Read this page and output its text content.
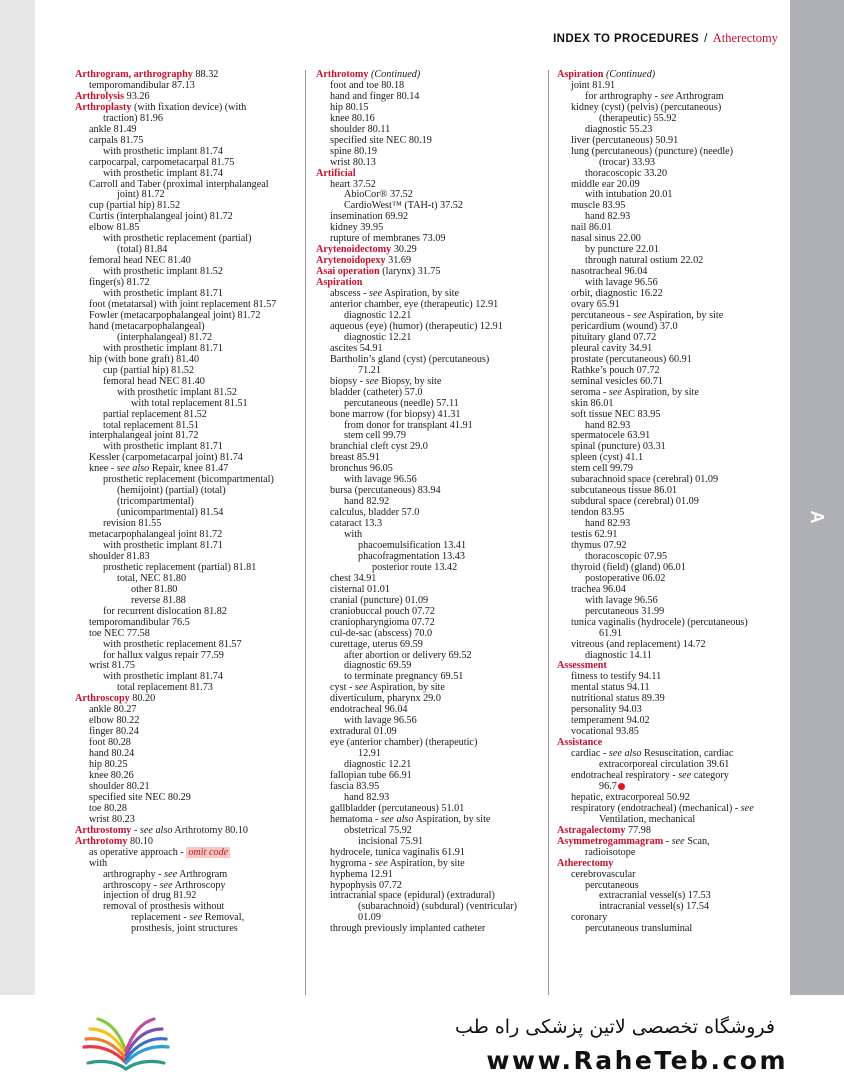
A
INDEX TO PROCEDURES / Atherectomy
Arthrogram, arthrography 88.32
temporomandibular 87.13
Arthrolysis 93.26
Arthroplasty (with fixation device) (with
traction) 81.96
ankle 81.49
carpals 81.75
with prosthetic implant 81.74
carpocarpal, carpometacarpal 81.75
with prosthetic implant 81.74
Carroll and Taber (proximal interphalangeal
joint) 81.72
cup (partial hip) 81.52
Curtis (interphalangeal joint) 81.72
elbow 81.85
with prosthetic replacement (partial)
(total) 81.84
femoral head NEC 81.40
with prosthetic implant 81.52
finger(s) 81.72
with prosthetic implant 81.71
foot (metatarsal) with joint replacement 81.57
Fowler (metacarpophalangeal joint) 81.72
hand (metacarpophalangeal)
(interphalangeal) 81.72
with prosthetic implant 81.71
hip (with bone graft) 81.40
cup (partial hip) 81.52
femoral head NEC 81.40
with prosthetic implant 81.52
with total replacement 81.51
partial replacement 81.52
total replacement 81.51
interphalangeal joint 81.72
with prosthetic implant 81.71
Kessler (carpometacarpal joint) 81.74
knee - see also Repair, knee 81.47
prosthetic replacement (bicompartmental)
(hemijoint) (partial) (total)
(tricompartmental)
(unicompartmental) 81.54
revision 81.55
metacarpophalangeal joint 81.72
with prosthetic implant 81.71
shoulder 81.83
prosthetic replacement (partial) 81.81
total, NEC 81.80
other 81.80
reverse 81.88
for recurrent dislocation 81.82
temporomandibular 76.5
toe NEC 77.58
with prosthetic replacement 81.57
for hallux valgus repair 77.59
wrist 81.75
with prosthetic implant 81.74
total replacement 81.73
Arthroscopy 80.20
ankle 80.27
elbow 80.22
finger 80.24
foot 80.28
hand 80.24
hip 80.25
knee 80.26
shoulder 80.21
specified site NEC 80.29
toe 80.28
wrist 80.23
Arthrostomy - see also Arthrotomy 80.10
Arthrotomy 80.10
as operative approach - omit code
with
arthrography - see Arthrogram
arthroscopy - see Arthroscopy
injection of drug 81.92
removal of prosthesis without
replacement - see Removal,
prosthesis, joint structures
Arthrotomy (Continued)
foot and toe 80.18
hand and finger 80.14
hip 80.15
knee 80.16
shoulder 80.11
specified site NEC 80.19
spine 80.19
wrist 80.13
Artificial
heart 37.52
AbioCor® 37.52
CardioWest™ (TAH-t) 37.52
insemination 69.92
kidney 39.95
rupture of membranes 73.09
Arytenoidectomy 30.29
Arytenoidopexy 31.69
Asai operation (larynx) 31.75
Aspiration
abscess - see Aspiration, by site
anterior chamber, eye (therapeutic) 12.91
diagnostic 12.21
aqueous (eye) (humor) (therapeutic) 12.91
diagnostic 12.21
ascites 54.91
Bartholin’s gland (cyst) (percutaneous)
71.21
biopsy - see Biopsy, by site
bladder (catheter) 57.0
percutaneous (needle) 57.11
bone marrow (for biopsy) 41.31
from donor for transplant 41.91
stem cell 99.79
branchial cleft cyst 29.0
breast 85.91
bronchus 96.05
with lavage 96.56
bursa (percutaneous) 83.94
hand 82.92
calculus, bladder 57.0
cataract 13.3
with
phacoemulsification 13.41
phacofragmentation 13.43
posterior route 13.42
chest 34.91
cisternal 01.01
cranial (puncture) 01.09
craniobuccal pouch 07.72
craniopharyngioma 07.72
cul-de-sac (abscess) 70.0
curettage, uterus 69.59
after abortion or delivery 69.52
diagnostic 69.59
to terminate pregnancy 69.51
cyst - see Aspiration, by site
diverticulum, pharynx 29.0
endotracheal 96.04
with lavage 96.56
extradural 01.09
eye (anterior chamber) (therapeutic)
12.91
diagnostic 12.21
fallopian tube 66.91
fascia 83.95
hand 82.93
gallbladder (percutaneous) 51.01
hematoma - see also Aspiration, by site
obstetrical 75.92
incisional 75.91
hydrocele, tunica vaginalis 61.91
hygroma - see Aspiration, by site
hyphema 12.91
hypophysis 07.72
intracranial space (epidural) (extradural)
(subarachnoid) (subdural) (ventricular)
01.09
through previously implanted catheter
Aspiration (Continued)
joint 81.91
for arthrography - see Arthrogram
kidney (cyst) (pelvis) (percutaneous)
(therapeutic) 55.92
diagnostic 55.23
liver (percutaneous) 50.91
lung (percutaneous) (puncture) (needle)
(trocar) 33.93
thoracoscopic 33.20
middle ear 20.09
with intubation 20.01
muscle 83.95
hand 82.93
nail 86.01
nasal sinus 22.00
by puncture 22.01
through natural ostium 22.02
nasotracheal 96.04
with lavage 96.56
orbit, diagnostic 16.22
ovary 65.91
percutaneous - see Aspiration, by site
pericardium (wound) 37.0
pituitary gland 07.72
pleural cavity 34.91
prostate (percutaneous) 60.91
Rathke’s pouch 07.72
seminal vesicles 60.71
seroma - see Aspiration, by site
skin 86.01
soft tissue NEC 83.95
hand 82.93
spermatocele 63.91
spinal (puncture) 03.31
spleen (cyst) 41.1
stem cell 99.79
subarachnoid space (cerebral) 01.09
subcutaneous tissue 86.01
subdural space (cerebral) 01.09
tendon 83.95
hand 82.93
testis 62.91
thymus 07.92
thoracoscopic 07.95
thyroid (field) (gland) 06.01
postoperative 06.02
trachea 96.04
with lavage 96.56
percutaneous 31.99
tunica vaginalis (hydrocele) (percutaneous)
61.91
vitreous (and replacement) 14.72
diagnostic 14.11
Assessment
fitness to testify 94.11
mental status 94.11
nutritional status 89.39
personality 94.03
temperament 94.02
vocational 93.85
Assistance
cardiac - see also Resuscitation, cardiac
extracorporeal circulation 39.61
endotracheal respiratory - see category
96.7
hepatic, extracorporeal 50.92
respiratory (endotracheal) (mechanical) - see
Ventilation, mechanical
Astragalectomy 77.98
Asymmetrogammagram - see Scan,
radioisotope
Atherectomy
cerebrovascular
percutaneous
extracranial vessel(s) 17.53
intracranial vessel(s) 17.54
coronary
percutaneous transluminal
فروشگاه تخصصی لاتین پزشکی راه طب
www.RaheTeb.com
